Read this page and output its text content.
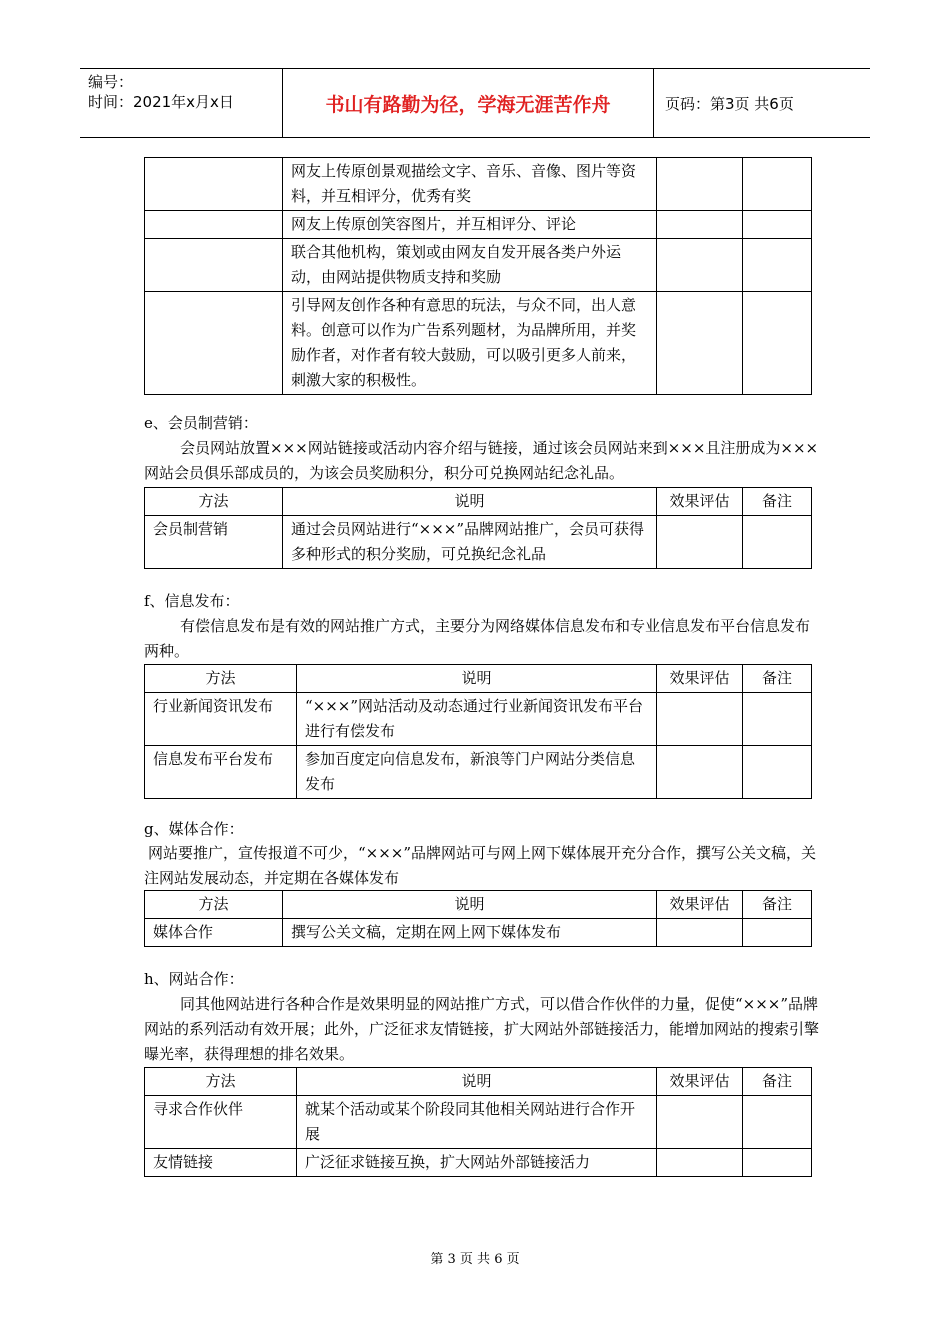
编号：
时间：2021年x月x日	书山有路勤为径，学海无涯苦作舟	页码：第3页 共6页
	网友上传原创景观描绘文字、音乐、音像、图片等资料，并互相评分，优秀有奖		
	网友上传原创笑容图片，并互相评分、评论		
	联合其他机构，策划或由网友自发开展各类户外运动，由网站提供物质支持和奖励		
	引导网友创作各种有意思的玩法，与众不同，出人意料。创意可以作为广告系列题材，为品牌所用，并奖励作者，对作者有较大鼓励，可以吸引更多人前来，刺激大家的积极性。		
e、会员制营销：
会员网站放置×××网站链接或活动内容介绍与链接，通过该会员网站来到×××且注册成为×××网站会员俱乐部成员的，为该会员奖励积分，积分可兑换网站纪念礼品。
方法	说明	效果评估	备注
会员制营销	通过会员网站进行“×××”品牌网站推广，会员可获得多种形式的积分奖励，可兑换纪念礼品		
f、信息发布：
有偿信息发布是有效的网站推广方式，主要分为网络媒体信息发布和专业信息发布平台信息发布两种。
方法	说明	效果评估	备注
行业新闻资讯发布	“×××”网站活动及动态通过行业新闻资讯发布平台进行有偿发布		
信息发布平台发布	参加百度定向信息发布，新浪等门户网站分类信息发布		
g、媒体合作：
网站要推广，宣传报道不可少，“×××”品牌网站可与网上网下媒体展开充分合作，撰写公关文稿，关注网站发展动态，并定期在各媒体发布
方法	说明	效果评估	备注
媒体合作	撰写公关文稿，定期在网上网下媒体发布		
h、网站合作：
同其他网站进行各种合作是效果明显的网站推广方式，可以借合作伙伴的力量，促使“×××”品牌网站的系列活动有效开展；此外，广泛征求友情链接，扩大网站外部链接活力，能增加网站的搜索引擎曝光率，获得理想的排名效果。
方法	说明	效果评估	备注
寻求合作伙伴	就某个活动或某个阶段同其他相关网站进行合作开展		
友情链接	广泛征求链接互换，扩大网站外部链接活力		
第 3 页 共 6 页
